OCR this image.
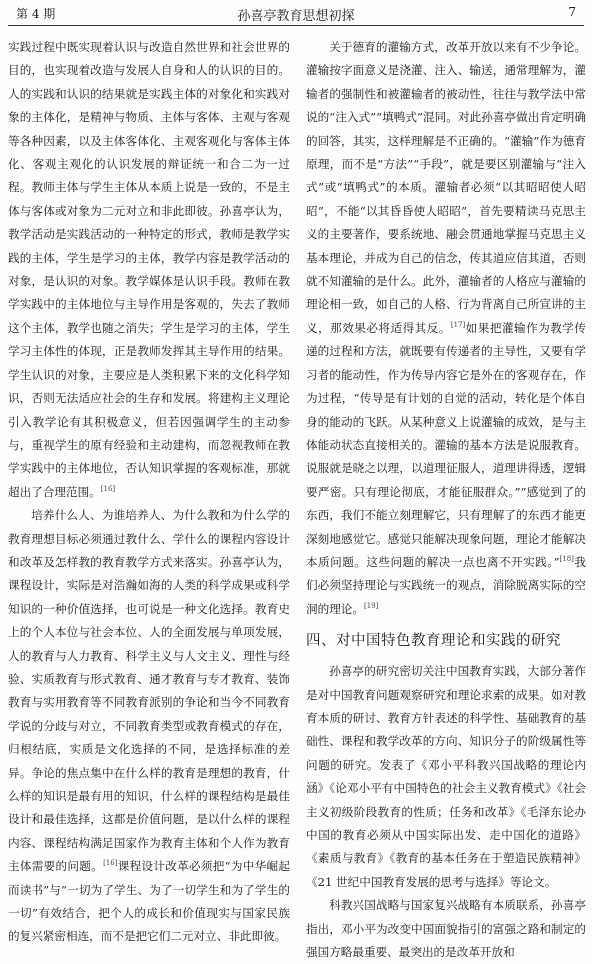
第 4 期	孙喜亭教育思想初探	7

实践过程中既实现着认识与改造自然世界和社会世界的目的，也实现着改造与发展人自身和人的认识的目的。人的实践和认识的结果就是实践主体的对象化和实践对象的主体化，是精神与物质、主体与客体、主观与客观等各种因素，以及主体客体化、主观客观化与客体主体化、客观主观化的认识发展的辩证统一和合二为一过程。教师主体与学生主体从本质上说是一致的，不是主体与客体或对象为二元对立和非此即彼。孙喜亭认为，教学活动是实践活动的一种特定的形式，教师是教学实践的主体，学生是学习的主体，教学内容是教学活动的对象，是认识的对象。教学媒体是认识手段。教师在教学实践中的主体地位与主导作用是客观的，失去了教师这个主体，教学也随之消失；学生是学习的主体，学生学习主体性的体现，正是教师发挥其主导作用的结果。学生认识的对象，主要应是人类积累下来的文化科学知识，否则无法适应社会的生存和发展。将建构主义理论引入教学论有其积极意义，但若因强调学生的主动参与，重视学生的原有经验和主动建构，而忽视教师在教学实践中的主体地位，否认知识掌握的客观标准，那就超出了合理范围。[16]

培养什么人、为谁培养人、为什么教和为什么学的教育理想目标必须通过教什么、学什么的课程内容设计和改革及怎样教的教育教学方式来落实。孙喜亭认为，课程设计，实际是对浩瀚如海的人类的科学成果或科学知识的一种价值选择，也可说是一种文化选择。教育史上的个人本位与社会本位、人的全面发展与单项发展，人的教育与人力教育、科学主义与人文主义、理性与经验、实质教育与形式教育、通才教育与专才教育、装饰教育与实用教育等不同教育派别的争论和当今不同教育学说的分歧与对立，不同教育类型或教育模式的存在，归根结底，实质是文化选择的不同，是选择标准的差异。争论的焦点集中在什么样的教育是理想的教育，什么样的知识是最有用的知识，什么样的课程结构是最佳设计和最佳选择，这都是价值问题，是以什么样的课程内容、课程结构满足国家作为教育主体和个人作为教育主体需要的问题。[16]课程设计改革必须把“为中华崛起而读书”与“一切为了学生、为了一切学生和为了学生的一切”有效结合，把个人的成长和价值现实与国家民族的复兴紧密相连，而不是把它们二元对立、非此即彼。

关于德育的灌输方式，改革开放以来有不少争论。灌输按字面意义是浇灌、注入、输送，通常理解为，灌输者的强制性和被灌输者的被动性，往往与教学法中常说的“注入式”“填鸭式”混同。对此孙喜亭做出肯定明确的回答，其实，这样理解是不正确的。“灌输”作为德育原理，而不是“方法”“手段”，就是要区别灌输与“注入式”或“填鸭式”的本质。灌输者必须“以其昭昭使人昭昭”，不能“以其昏昏使人昭昭”，首先要精读马克思主义的主要著作，要系统地、融会贯通地掌握马克思主义基本理论，并成为自己的信念，传其道应信其道，否则就不知灌输的是什么。此外，灌输者的人格应与灌输的理论相一致，如自己的人格、行为背离自己所宣讲的主义，那效果必将适得其反。[17]如果把灌输作为教学传递的过程和方法，就既要有传递者的主导性，又要有学习者的能动性，作为传导内容它是外在的客观存在，作为过程，“传导是有计划的自觉的活动，转化是个体自身的能动的飞跃。从某种意义上说灌输的成效，是与主体能动状态直接相关的。灌输的基本方法是说服教育。说服就是晓之以理，以道理征服人，道理讲得透，逻辑要严密。只有理论彻底，才能征服群众。”“感觉到了的东西，我们不能立刻理解它，只有理解了的东西才能更深刻地感觉它。感觉只能解决现象问题，理论才能解决本质问题。这些问题的解决一点也离不开实践。”[18]我们必须坚持理论与实践统一的观点，消除脱离实际的空洞的理论。[19]

四、对中国特色教育理论和实践的研究

孙喜亭的研究密切关注中国教育实践，大部分著作是对中国教育问题观察研究和理论求索的成果。如对教育本质的研讨、教育方针表述的科学性、基础教育的基础性、课程和教学改革的方向、知识分子的阶级属性等问题的研究。发表了《邓小平科教兴国战略的理论内涵》《论邓小平有中国特色的社会主义教育模式》《社会主义初级阶段教育的性质；任务和改革》《毛泽东论办中国的教育必须从中国实际出发、走中国化的道路》《素质与教育》《教育的基本任务在于塑造民族精神》《21 世纪中国教育发展的思考与选择》等论文。

科教兴国战略与国家复兴战略有本质联系，孙喜亭指出，邓小平为改变中国面貌指引的富强之路和制定的强国方略最重要、最突出的是改革开放和
